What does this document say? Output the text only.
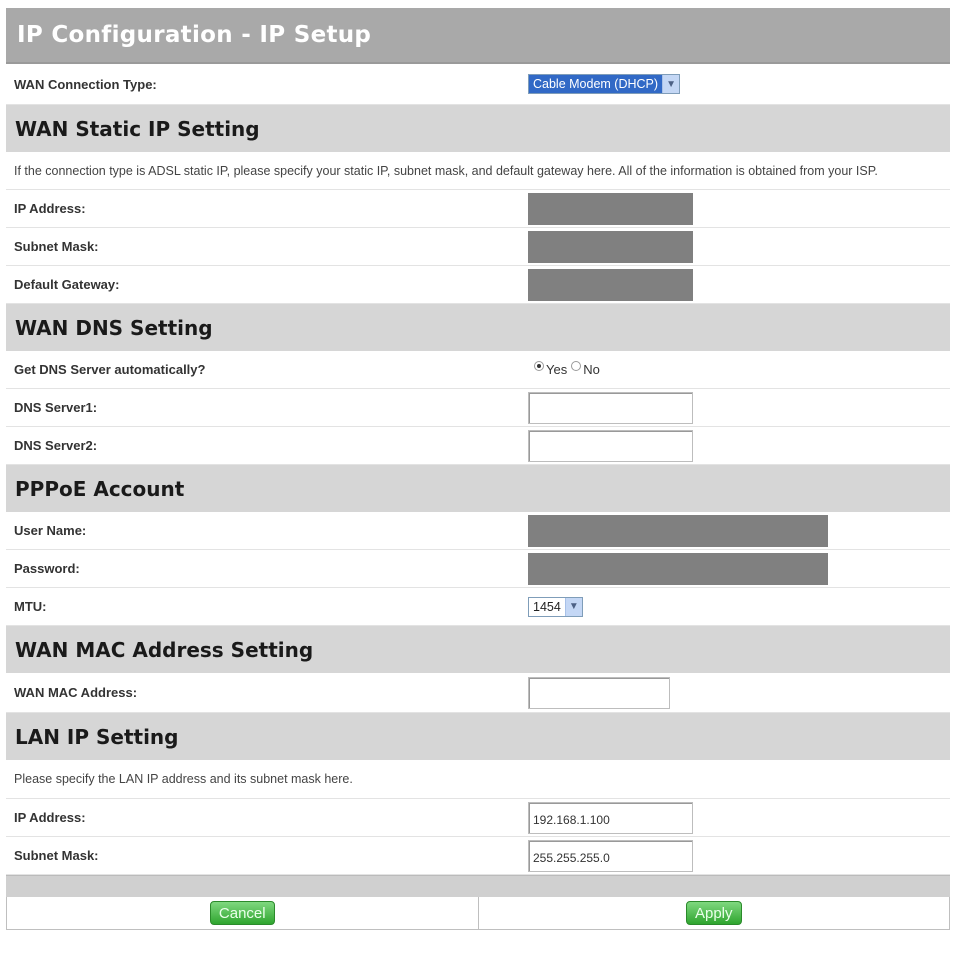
IP Configuration - IP Setup
WAN Connection Type:	Cable Modem (DHCP) ▼
WAN Static IP Setting
If the connection type is ADSL static IP, please specify your static IP, subnet mask, and default gateway here. All of the information is obtained from your ISP.
IP Address:
Subnet Mask:
Default Gateway:
WAN DNS Setting
Get DNS Server automatically?	Yes No
DNS Server1:
DNS Server2:
PPPoE Account
User Name:
Password:
MTU:	1454 ▼
WAN MAC Address Setting
WAN MAC Address:
LAN IP Setting
Please specify the LAN IP address and its subnet mask here.
IP Address:
192.168.1.100
Subnet Mask:
255.255.255.0
Cancel	Apply
